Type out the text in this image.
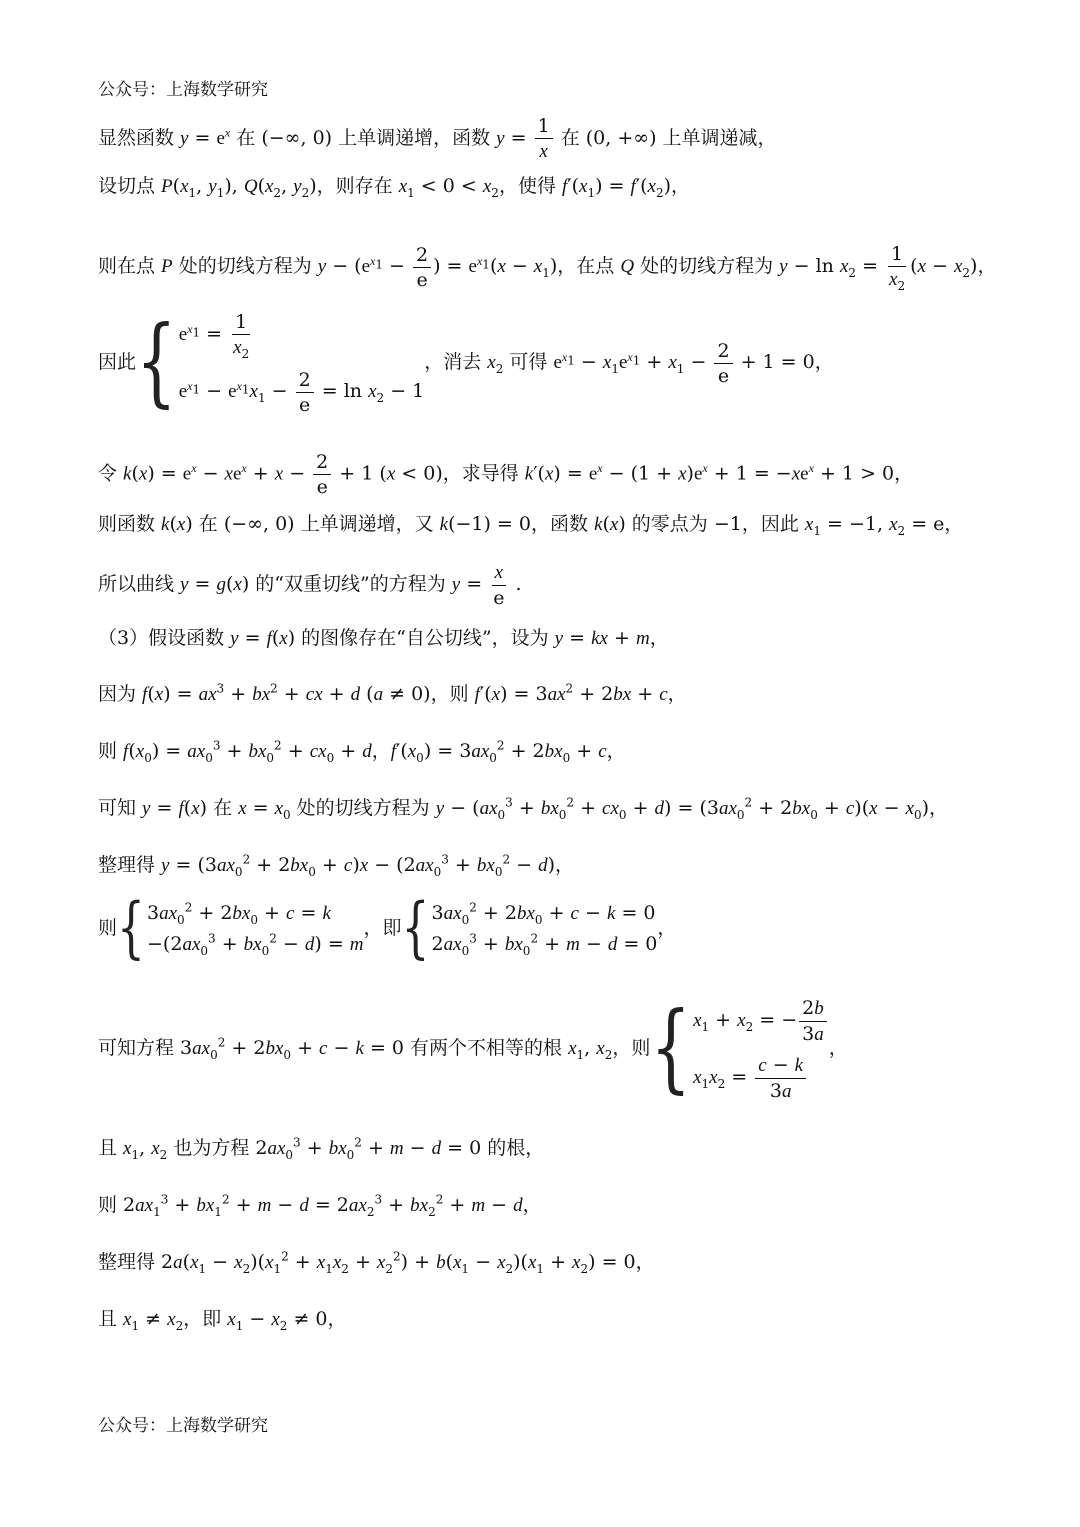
公众号：上海数学研究
显然函数 $y = e^x$ 在 (−∞, 0) 上单调递增，函数 $y = \frac{1}{x}$ 在 (0, +∞) 上单调递减，
设切点 $P(x_1$, $y_1$), $Q(x_2$, $y_2$)，则存在 $x_1 < 0 < x_2$，使得 $f'(x_1) = f'(x_2)$，
则在点 P 处的切线方程为 $y - (e^{x_1} - \frac{2}{e}$ ) = $e^{x_1}(x - x_1)$，在点 Q 处的切线方程为 $y - \ln x_2 = \frac{1}{x_2} (x - x_2)$，
因此 { $e^{x_1} = \frac{1}{x_2}$
$e^{x_1} - e^{x_1}x_1 - \frac{2}{e} = \ln x_2 - 1$
，消去 $x_2$ 可得 $e^{x_1} - x_1e^{x_1} + x_1 - \frac{2}{e} + 1 = 0$，
令 $k(x) = e^x - xe^x + x - \frac{2}{e} + 1$ (x < 0)，求导得 $k'(x) = e^x - (1 + x)e^x + 1 = -xe^x + 1 > 0$，
则函数 k(x) 在 (−∞, 0) 上单调递增，又 k(−1) = 0，函数 k(x) 的零点为 −1，因此 $x_1 = -1$, $x_2 = e$，
所以曲线 y = g(x) 的“双重切线”的方程为 $y = \frac{x}{e}$ .
（3）假设函数 y = f(x) 的图像存在“自公切线”，设为 y = kx + m，
因为 $f(x) = ax^3 + bx^2$ + cx + d (a ≠ 0)，则 $f'(x) = 3ax^2 + 2bx + c$，
则 $f(x_0) = ax_0^3 + bx_0^2 + cx_0 + d$，$f'(x_0) = 3ax_0^2 + 2bx_0 + c$，
可知 y = f(x) 在 $x = x_0$ 处的切线方程为 $y - (ax_0^3 + bx_0^2 + cx_0 + d) = (3ax_0^2 + 2bx_0 + c)(x - x_0)$，
整理得 $y = (3ax_0^2 + 2bx_0 + c)x - (2ax_0^3 + bx_0^2 - d)$，
则 { $3ax_0^2 + 2bx_0 + c = k$
$-(2ax_0^3 + bx_0^2 - d) = m$
，即 { $3ax_0^2 + 2bx_0 + c - k = 0$
$2ax_0^3 + bx_0^2 + m - d = 0$
，
可知方程 $3ax_0^2 + 2bx_0 + c - k = 0$ 有两个不相等的根 $x_1$, $x_2$，则 { $x_1 + x_2$ = − $\frac{2b}{3a}$
$x_1x_2 = \frac{c - k}{3a}$
，
且 $x_1$, $x_2$ 也为方程 $2ax_0^3 + bx_0^2 + m - d = 0$ 的根，
则 $2ax_1^3 + bx_1^2 + m - d = 2ax_2^3 + bx_2^2 + m - d$，
整理得 $2a(x_1 - x_2)(x_1^2 + x_1x_2 + x_2^2) + b(x_1 - x_2)(x_1 + x_2) = 0$，
且 $x_1 \ne x_2$，即 $x_1 - x_2 \ne 0$，
公众号：上海数学研究
